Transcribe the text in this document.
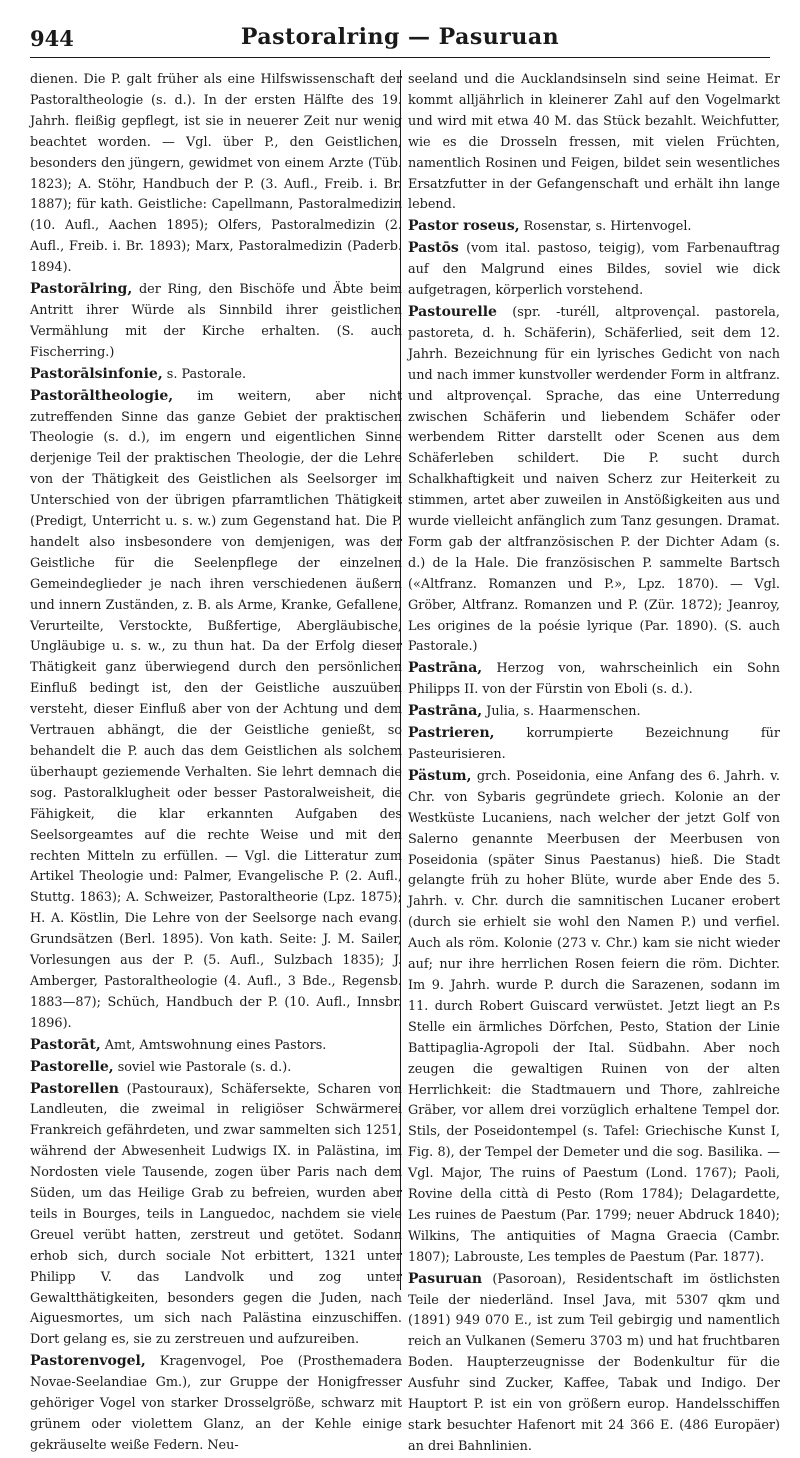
944	Pastoralring — Pasuruan

dienen. Die P. galt früher als eine Hilfswissenschaft der Pastoraltheologie (s. d.). In der ersten Hälfte des 19. Jahrh. fleißig gepflegt, ist sie in neuerer Zeit nur wenig beachtet worden. — Vgl. über P., den Geistlichen, besonders den jüngern, gewidmet von einem Arzte (Tüb. 1823); A. Stöhr, Handbuch der P. (3. Aufl., Freib. i. Br. 1887); für kath. Geistliche: Capellmann, Pastoralmedizin (10. Aufl., Aachen 1895); Olfers, Pastoralmedizin (2. Aufl., Freib. i. Br. 1893); Marx, Pastoralmedizin (Paderb. 1894).

Pastorālring, der Ring, den Bischöfe und Äbte beim Antritt ihrer Würde als Sinnbild ihrer geistlichen Vermählung mit der Kirche erhalten. (S. auch Fischerring.)

Pastorālsinfonie, s. Pastorale.

Pastorāltheologie, im weitern, aber nicht zutreffenden Sinne das ganze Gebiet der praktischen Theologie (s. d.), im engern und eigentlichen Sinne derjenige Teil der praktischen Theologie, der die Lehre von der Thätigkeit des Geistlichen als Seelsorger im Unterschied von der übrigen pfarramtlichen Thätigkeit (Predigt, Unterricht u. s. w.) zum Gegenstand hat. Die P. handelt also insbesondere von demjenigen, was der Geistliche für die Seelenpflege der einzelnen Gemeindeglieder je nach ihren verschiedenen äußern und innern Zuständen, z. B. als Arme, Kranke, Gefallene, Verurteilte, Verstockte, Bußfertige, Abergläubische, Ungläubige u. s. w., zu thun hat. Da der Erfolg dieser Thätigkeit ganz überwiegend durch den persönlichen Einfluß bedingt ist, den der Geistliche auszuüben versteht, dieser Einfluß aber von der Achtung und dem Vertrauen abhängt, die der Geistliche genießt, so behandelt die P. auch das dem Geistlichen als solchem überhaupt geziemende Verhalten. Sie lehrt demnach die sog. Pastoralklugheit oder besser Pastoralweisheit, die Fähigkeit, die klar erkannten Aufgaben des Seelsorgeamtes auf die rechte Weise und mit den rechten Mitteln zu erfüllen. — Vgl. die Litteratur zum Artikel Theologie und: Palmer, Evangelische P. (2. Aufl., Stuttg. 1863); A. Schweizer, Pastoraltheorie (Lpz. 1875); H. A. Köstlin, Die Lehre von der Seelsorge nach evang. Grundsätzen (Berl. 1895). Von kath. Seite: J. M. Sailer, Vorlesungen aus der P. (5. Aufl., Sulzbach 1835); J. Amberger, Pastoraltheologie (4. Aufl., 3 Bde., Regensb. 1883—87); Schüch, Handbuch der P. (10. Aufl., Innsbr. 1896).

Pastorāt, Amt, Amtswohnung eines Pastors.

Pastorelle, soviel wie Pastorale (s. d.).

Pastorellen (Pastouraux), Schäfersekte, Scharen von Landleuten, die zweimal in religiöser Schwärmerei Frankreich gefährdeten, und zwar sammelten sich 1251, während der Abwesenheit Ludwigs IX. in Palästina, im Nordosten viele Tausende, zogen über Paris nach dem Süden, um das Heilige Grab zu befreien, wurden aber teils in Bourges, teils in Languedoc, nachdem sie viele Greuel verübt hatten, zerstreut und getötet. Sodann erhob sich, durch sociale Not erbittert, 1321 unter Philipp V. das Landvolk und zog unter Gewaltthätigkeiten, besonders gegen die Juden, nach Aiguesmortes, um sich nach Palästina einzuschiffen. Dort gelang es, sie zu zerstreuen und aufzureiben.

Pastorenvogel, Kragenvogel, Poe (Prosthemadera Novae-Seelandiae Gm.), zur Gruppe der Honigfresser gehöriger Vogel von starker Drosselgröße, schwarz mit grünem oder violettem Glanz, an der Kehle einige gekräuselte weiße Federn. Neu-

seeland und die Aucklandsinseln sind seine Heimat. Er kommt alljährlich in kleinerer Zahl auf den Vogelmarkt und wird mit etwa 40 M. das Stück bezahlt. Weichfutter, wie es die Drosseln fressen, mit vielen Früchten, namentlich Rosinen und Feigen, bildet sein wesentliches Ersatzfutter in der Gefangenschaft und erhält ihn lange lebend.

Pastor roseus, Rosenstar, s. Hirtenvogel.

Pastōs (vom ital. pastoso, teigig), vom Farbenauftrag auf den Malgrund eines Bildes, soviel wie dick aufgetragen, körperlich vorstehend.

Pastourelle (spr. -turéll, altprovençal. pastorela, pastoreta, d. h. Schäferin), Schäferlied, seit dem 12. Jahrh. Bezeichnung für ein lyrisches Gedicht von nach und nach immer kunstvoller werdender Form in altfranz. und altprovençal. Sprache, das eine Unterredung zwischen Schäferin und liebendem Schäfer oder werbendem Ritter darstellt oder Scenen aus dem Schäferleben schildert. Die P. sucht durch Schalkhaftigkeit und naiven Scherz zur Heiterkeit zu stimmen, artet aber zuweilen in Anstößigkeiten aus und wurde vielleicht anfänglich zum Tanz gesungen. Dramat. Form gab der altfranzösischen P. der Dichter Adam (s. d.) de la Hale. Die französischen P. sammelte Bartsch («Altfranz. Romanzen und P.», Lpz. 1870). — Vgl. Gröber, Altfranz. Romanzen und P. (Zür. 1872); Jeanroy, Les origines de la poésie lyrique (Par. 1890). (S. auch Pastorale.)

Pastrāna, Herzog von, wahrscheinlich ein Sohn Philipps II. von der Fürstin von Eboli (s. d.).

Pastrāna, Julia, s. Haarmenschen.

Pastrieren, korrumpierte Bezeichnung für Pasteurisieren.

Pästum, grch. Poseidonia, eine Anfang des 6. Jahrh. v. Chr. von Sybaris gegründete griech. Kolonie an der Westküste Lucaniens, nach welcher der jetzt Golf von Salerno genannte Meerbusen der Meerbusen von Poseidonia (später Sinus Paestanus) hieß. Die Stadt gelangte früh zu hoher Blüte, wurde aber Ende des 5. Jahrh. v. Chr. durch die samnitischen Lucaner erobert (durch sie erhielt sie wohl den Namen P.) und verfiel. Auch als röm. Kolonie (273 v. Chr.) kam sie nicht wieder auf; nur ihre herrlichen Rosen feiern die röm. Dichter. Im 9. Jahrh. wurde P. durch die Sarazenen, sodann im 11. durch Robert Guiscard verwüstet. Jetzt liegt an P.s Stelle ein ärmliches Dörfchen, Pesto, Station der Linie Battipaglia-Agropoli der Ital. Südbahn. Aber noch zeugen die gewaltigen Ruinen von der alten Herrlichkeit: die Stadtmauern und Thore, zahlreiche Gräber, vor allem drei vorzüglich erhaltene Tempel dor. Stils, der Poseidontempel (s. Tafel: Griechische Kunst I, Fig. 8), der Tempel der Demeter und die sog. Basilika. — Vgl. Major, The ruins of Paestum (Lond. 1767); Paoli, Rovine della città di Pesto (Rom 1784); Delagardette, Les ruines de Paestum (Par. 1799; neuer Abdruck 1840); Wilkins, The antiquities of Magna Graecia (Cambr. 1807); Labrouste, Les temples de Paestum (Par. 1877).

Pasuruan (Pasoroan), Residentschaft im östlichsten Teile der niederländ. Insel Java, mit 5307 qkm und (1891) 949 070 E., ist zum Teil gebirgig und namentlich reich an Vulkanen (Semeru 3703 m) und hat fruchtbaren Boden. Haupterzeugnisse der Bodenkultur für die Ausfuhr sind Zucker, Kaffee, Tabak und Indigo. Der Hauptort P. ist ein von größern europ. Handelsschiffen stark besuchter Hafenort mit 24 366 E. (486 Europäer) an drei Bahnlinien.
